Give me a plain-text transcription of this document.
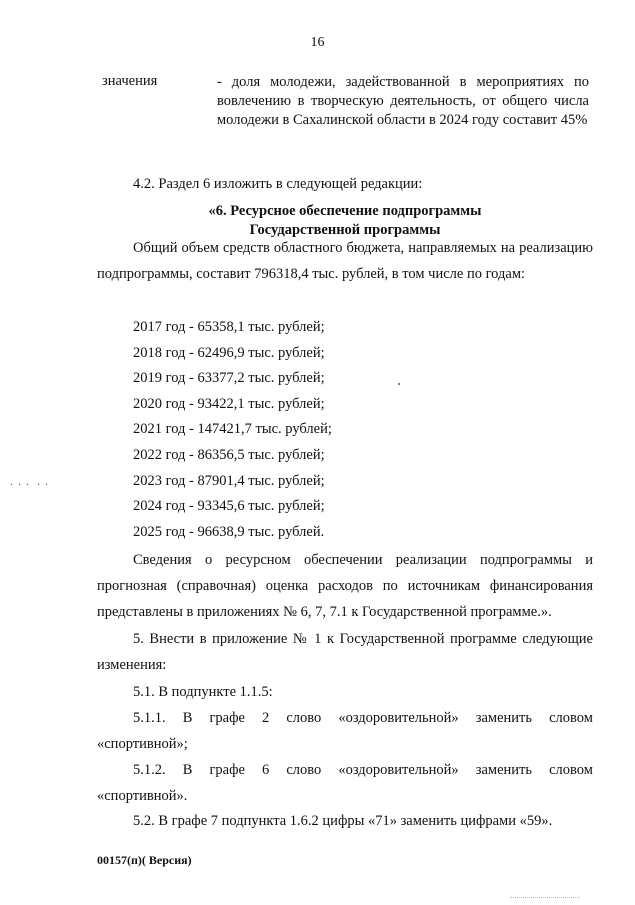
16
значения	- доля молодежи, задействованной в мероприятиях по вовлечению в творческую деятельность, от общего числа молодежи в Сахалинской области в 2024 году составит 45%
4.2. Раздел 6 изложить в следующей редакции:
«6. Ресурсное обеспечение подпрограммы
Государственной программы
Общий объем средств областного бюджета, направляемых на реализацию подпрограммы, составит 796318,4 тыс. рублей, в том числе по годам:
2017 год - 65358,1 тыс. рублей;
2018 год - 62496,9 тыс. рублей;
2019 год - 63377,2 тыс. рублей;
2020 год - 93422,1 тыс. рублей;
2021 год - 147421,7 тыс. рублей;
2022 год - 86356,5 тыс. рублей;
2023 год - 87901,4 тыс. рублей;
2024 год - 93345,6 тыс. рублей;
2025 год - 96638,9 тыс. рублей.
Сведения о ресурсном обеспечении реализации подпрограммы и прогнозная (справочная) оценка расходов по источникам финансирования представлены в приложениях № 6, 7, 7.1 к Государственной программе.».
5. Внести в приложение № 1 к Государственной программе следующие изменения:
5.1. В подпункте 1.1.5:
5.1.1. В графе 2 слово «оздоровительной» заменить словом
«спортивной»;
5.1.2. В графе 6 слово «оздоровительной» заменить словом
«спортивной».
5.2. В графе 7 подпункта 1.6.2 цифры «71» заменить цифрами «59».
00157(п)( Версия)
· · ·  · ·
